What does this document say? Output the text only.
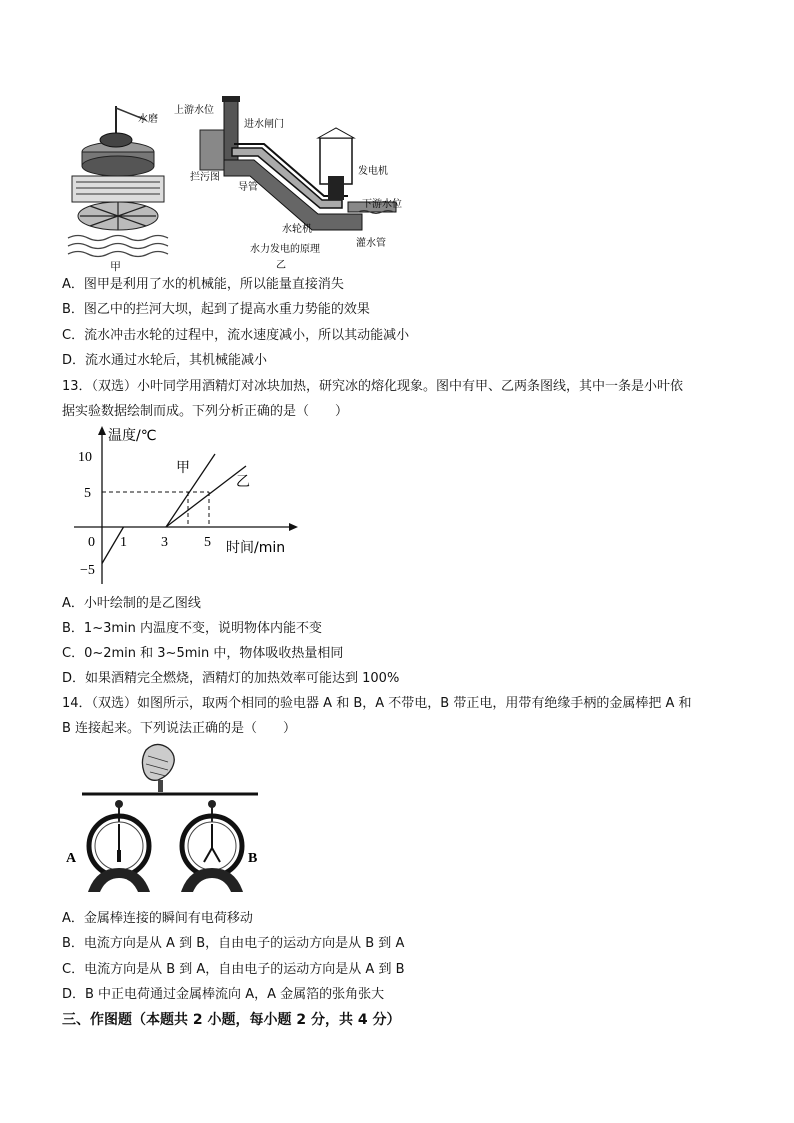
水磨
甲
上游水位
进水闸门
拦污图
导管
发电机
下游水位
水轮机
灌水管
水力发电的原理
乙
A．图甲是利用了水的机械能，所以能量直接消失
B．图乙中的拦河大坝，起到了提高水重力势能的效果
C．流水冲击水轮的过程中，流水速度减小，所以其动能减小
D．流水通过水轮后，其机械能减小
13．（双选）小叶同学用酒精灯对冰块加热，研究冰的熔化现象。图中有甲、乙两条图线，其中一条是小叶依
据实验数据绘制而成。下列分析正确的是（　　）
温度/℃
时间/min
10
5
0
−5
1 3	5
甲
乙
A．小叶绘制的是乙图线
B．1~3min 内温度不变，说明物体内能不变
C．0~2min 和 3~5min 中，物体吸收热量相同
D．如果酒精完全燃烧，酒精灯的加热效率可能达到 100%
14．（双选）如图所示，取两个相同的验电器 A 和 B，A 不带电，B 带正电，用带有绝缘手柄的金属棒把 A 和
B 连接起来。下列说法正确的是（　　）
A	B
A．金属棒连接的瞬间有电荷移动
B．电流方向是从 A 到 B，自由电子的运动方向是从 B 到 A
C．电流方向是从 B 到 A，自由电子的运动方向是从 A 到 B
D．B 中正电荷通过金属棒流向 A，A 金属箔的张角张大
三、作图题（本题共 2 小题，每小题 2 分，共 4 分）
